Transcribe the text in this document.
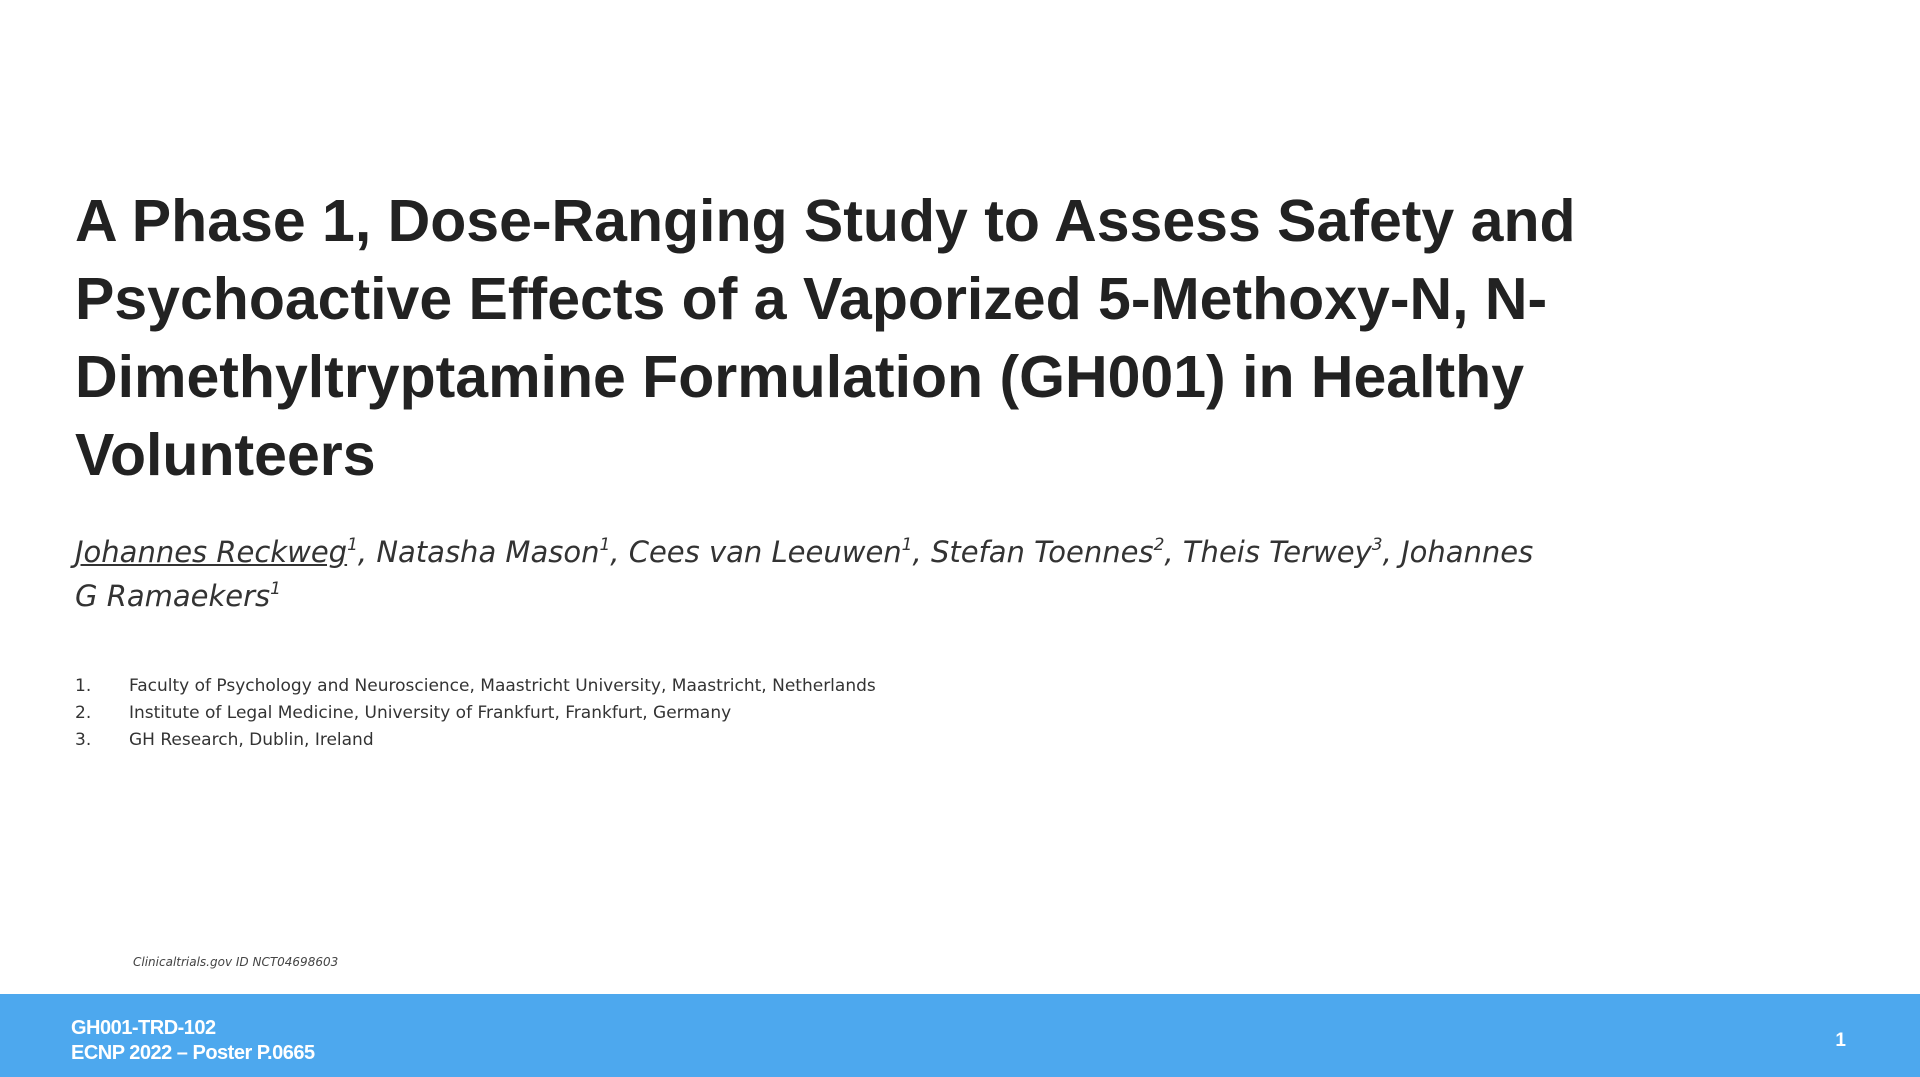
A Phase 1, Dose-Ranging Study to Assess Safety and
Psychoactive Effects of a Vaporized 5-Methoxy-N, N-
Dimethyltryptamine Formulation (GH001) in Healthy
Volunteers
Johannes Reckweg$^1$, Natasha Mason$^1$, Cees van Leeuwen$^1$, Stefan Toennes$^2$, Theis Terwey$^3$, Johannes
G Ramaekers$^1$
1.	Faculty of Psychology and Neuroscience, Maastricht University, Maastricht, Netherlands
2.	Institute of Legal Medicine, University of Frankfurt, Frankfurt, Germany
3.	GH Research, Dublin, Ireland
Clinicaltrials.gov ID NCT04698603
GH001-TRD-102
ECNP 2022 – Poster P.0665
1
